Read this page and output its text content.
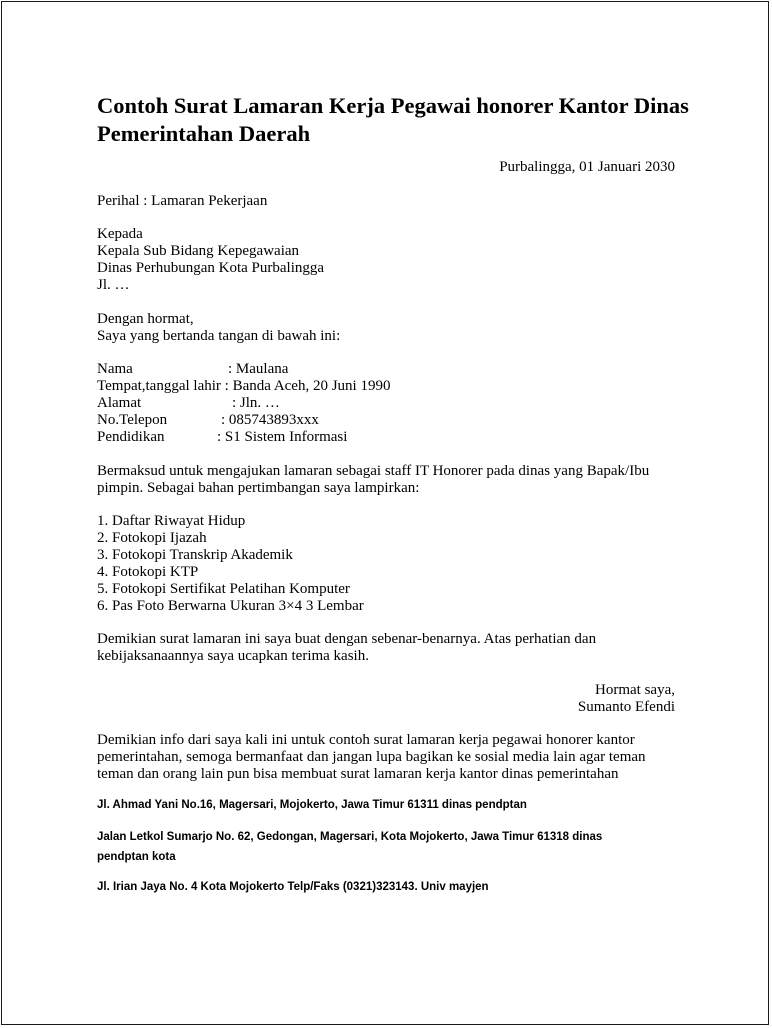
Contoh Surat Lamaran Kerja Pegawai honorer Kantor Dinas Pemerintahan Daerah
Purbalingga, 01 Januari 2030
Perihal : Lamaran Pekerjaan
Kepada
Kepala Sub Bidang Kepegawaian
Dinas Perhubungan Kota Purbalingga
Jl. …
Dengan hormat,
Saya yang bertanda tangan di bawah ini:
Nama	: Maulana
Tempat,tanggal lahir : Banda Aceh, 20 Juni 1990
Alamat	: Jln. …
No.Telepon	: 085743893xxx
Pendidikan	: S1 Sistem Informasi
Bermaksud untuk mengajukan lamaran sebagai staff IT Honorer pada dinas yang Bapak/Ibu
pimpin. Sebagai bahan pertimbangan saya lampirkan:
1. Daftar Riwayat Hidup
2. Fotokopi Ijazah
3. Fotokopi Transkrip Akademik
4. Fotokopi KTP
5. Fotokopi Sertifikat Pelatihan Komputer
6. Pas Foto Berwarna Ukuran 3×4 3 Lembar
Demikian surat lamaran ini saya buat dengan sebenar-benarnya. Atas perhatian dan
kebijaksanaannya saya ucapkan terima kasih.
Hormat saya,
Sumanto Efendi
Demikian info dari saya kali ini untuk contoh surat lamaran kerja pegawai honorer kantor
pemerintahan, semoga bermanfaat dan jangan lupa bagikan ke sosial media lain agar teman
teman dan orang lain pun bisa membuat surat lamaran kerja kantor dinas pemerintahan
Jl. Ahmad Yani No.16, Magersari, Mojokerto, Jawa Timur 61311 dinas pendptan
Jalan Letkol Sumarjo No. 62, Gedongan, Magersari, Kota Mojokerto, Jawa Timur 61318 dinas
pendptan kota
Jl. Irian Jaya No. 4 Kota Mojokerto Telp/Faks (0321)323143. Univ mayjen
